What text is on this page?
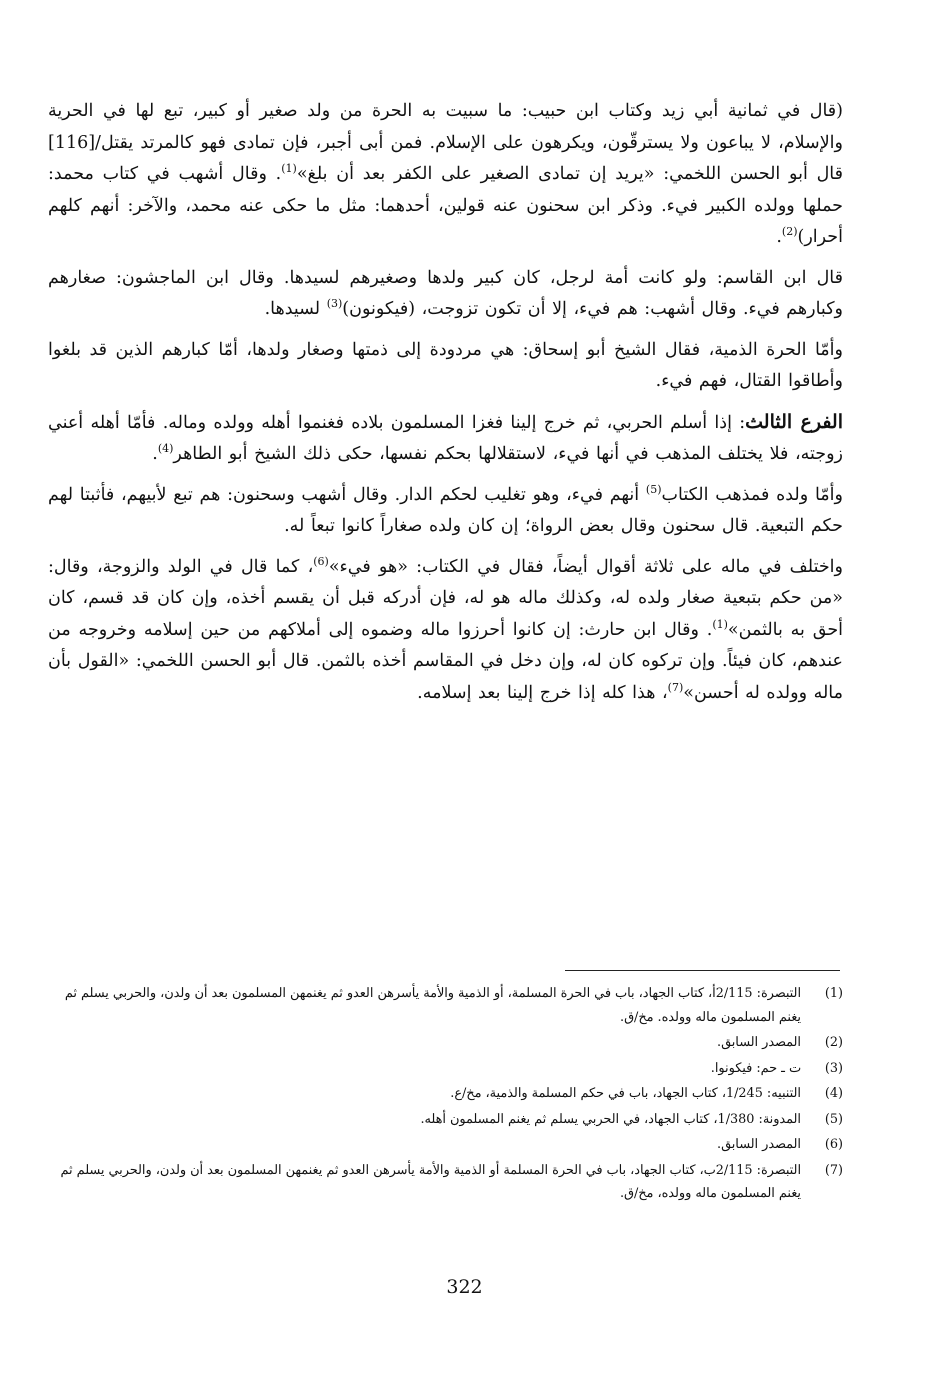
(قال في ثمانية أبي زيد وكتاب ابن حبيب: ما سبيت به الحرة من ولد صغير أو كبير، تبع لها في الحرية والإسلام، لا يباعون ولا يسترقّون، ويكرهون على الإسلام. فمن أبى أجبر، فإن تمادى فهو كالمرتد يقتل/[116] قال أبو الحسن اللخمي: «يريد إن تمادى الصغير على الكفر بعد أن بلغ»$^{(1)}$. وقال أشهب في كتاب محمد: حملها وولده الكبير فيء. وذكر ابن سحنون عنه قولين، أحدهما: مثل ما حكى عنه محمد، والآخر: أنهم كلهم أحرار)$^{(2)}$.

قال ابن القاسم: ولو كانت أمة لرجل، كان كبير ولدها وصغيرهم لسيدها. وقال ابن الماجشون: صغارهم وكبارهم فيء. وقال أشهب: هم فيء، إلا أن تكون تزوجت، (فيكونون)$^{(3)}$ لسيدها.

وأمّا الحرة الذمية، فقال الشيخ أبو إسحاق: هي مردودة إلى ذمتها وصغار ولدها، أمّا كبارهم الذين قد بلغوا وأطاقوا القتال، فهم فيء.

الفرع الثالث: إذا أسلم الحربي، ثم خرج إلينا فغزا المسلمون بلاده فغنموا أهله وولده وماله. فأمّا أهله أعني زوجته، فلا يختلف المذهب في أنها فيء، لاستقلالها بحكم نفسها، حكى ذلك الشيخ أبو الطاهر$^{(4)}$.

وأمّا ولده فمذهب الكتاب$^{(5)}$ أنهم فيء، وهو تغليب لحكم الدار. وقال أشهب وسحنون: هم تبع لأبيهم، فأثبتا لهم حكم التبعية. قال سحنون وقال بعض الرواة؛ إن كان ولده صغاراً كانوا تبعاً له.

واختلف في ماله على ثلاثة أقوال أيضاً، فقال في الكتاب: «هو فيء»$^{(6)}$، كما قال في الولد والزوجة، وقال: «من حكم بتبعية صغار ولده له، وكذلك ماله هو له، فإن أدركه قبل أن يقسم أخذه، وإن كان قد قسم، كان أحق به بالثمن»$^{(1)}$. وقال ابن حارث: إن كانوا أحرزوا ماله وضموه إلى أملاكهم من حين إسلامه وخروجه من عندهم، كان فيئاً. وإن تركوه كان له، وإن دخل في المقاسم أخذه بالثمن. قال أبو الحسن اللخمي: «القول بأن ماله وولده له أحسن»$^{(7)}$، هذا كله إذا خرج إلينا بعد إسلامه.

(1)
التبصرة: 2/115أ، كتاب الجهاد، باب في الحرة المسلمة، أو الذمية والأمة يأسرهن العدو ثم يغنمهن المسلمون بعد أن ولدن، والحربي يسلم ثم يغنم المسلمون ماله وولده. مخ/ق.
(2)
المصدر السابق.
(3)
ت ـ حم: فيكونوا.
(4)
التنبيه: 1/245، كتاب الجهاد، باب في حكم المسلمة والذمية، مخ/ع.
(5)
المدونة: 1/380، كتاب الجهاد، في الحربي يسلم ثم يغنم المسلمون أهله.
(6)
المصدر السابق.
(7)
التبصرة: 2/115ب، كتاب الجهاد، باب في الحرة المسلمة أو الذمية والأمة يأسرهن العدو ثم يغنمهن المسلمون بعد أن ولدن، والحربي يسلم ثم يغنم المسلمون ماله وولده، مخ/ق.
322
